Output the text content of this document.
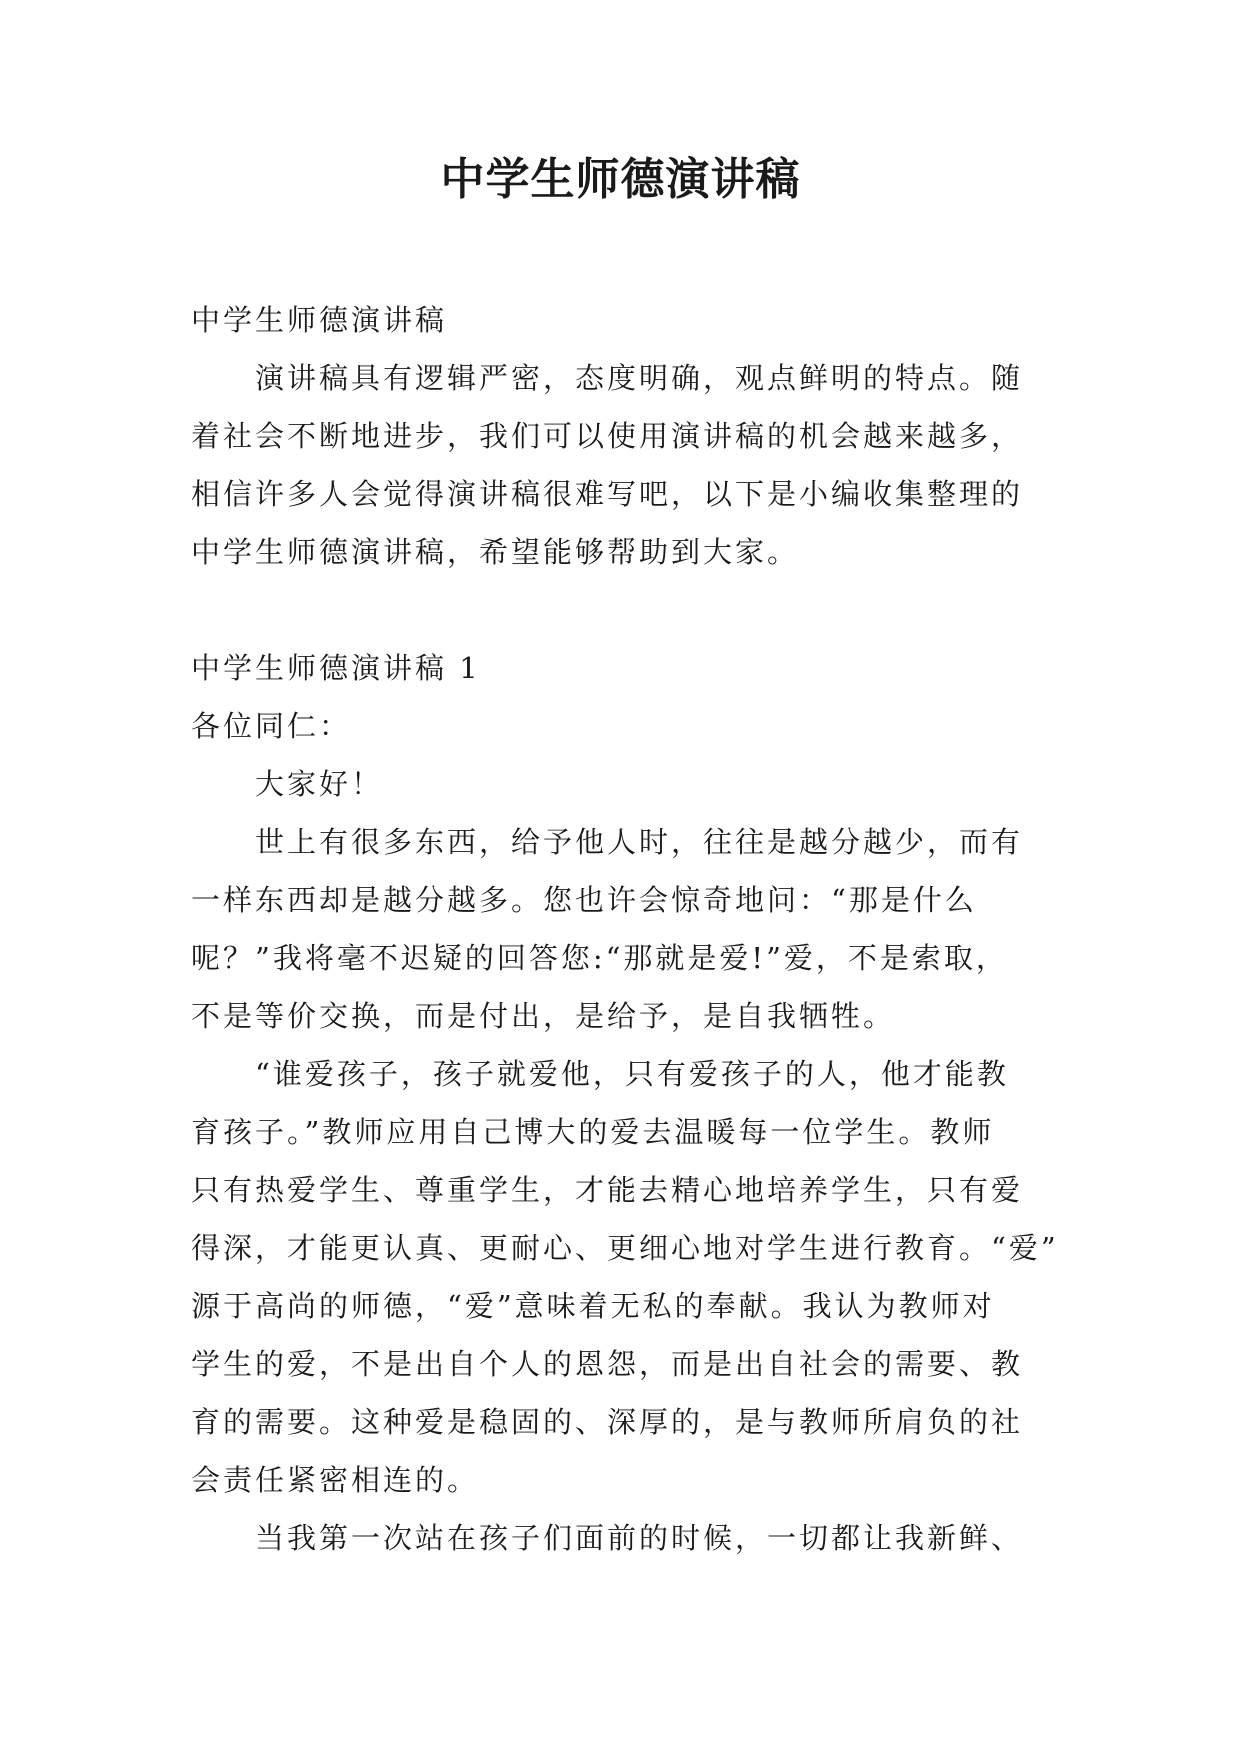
中学生师德演讲稿

中学生师德演讲稿

演讲稿具有逻辑严密，态度明确，观点鲜明的特点。随

着社会不断地进步，我们可以使用演讲稿的机会越来越多，

相信许多人会觉得演讲稿很难写吧，以下是小编收集整理的

中学生师德演讲稿，希望能够帮助到大家。

中学生师德演讲稿 1

各位同仁：

大家好！

世上有很多东西，给予他人时，往往是越分越少，而有

一样东西却是越分越多。您也许会惊奇地问：“那是什么

呢？”我将毫不迟疑的回答您:“那就是爱!”爱，不是索取，

不是等价交换，而是付出，是给予，是自我牺牲。

“谁爱孩子，孩子就爱他，只有爱孩子的人，他才能教

育孩子。”教师应用自己博大的爱去温暖每一位学生。教师

只有热爱学生、尊重学生，才能去精心地培养学生，只有爱

得深，才能更认真、更耐心、更细心地对学生进行教育。“爱”

源于高尚的师德，“爱”意味着无私的奉献。我认为教师对

学生的爱，不是出自个人的恩怨，而是出自社会的需要、教

育的需要。这种爱是稳固的、深厚的，是与教师所肩负的社

会责任紧密相连的。

当我第一次站在孩子们面前的时候，一切都让我新鲜、
